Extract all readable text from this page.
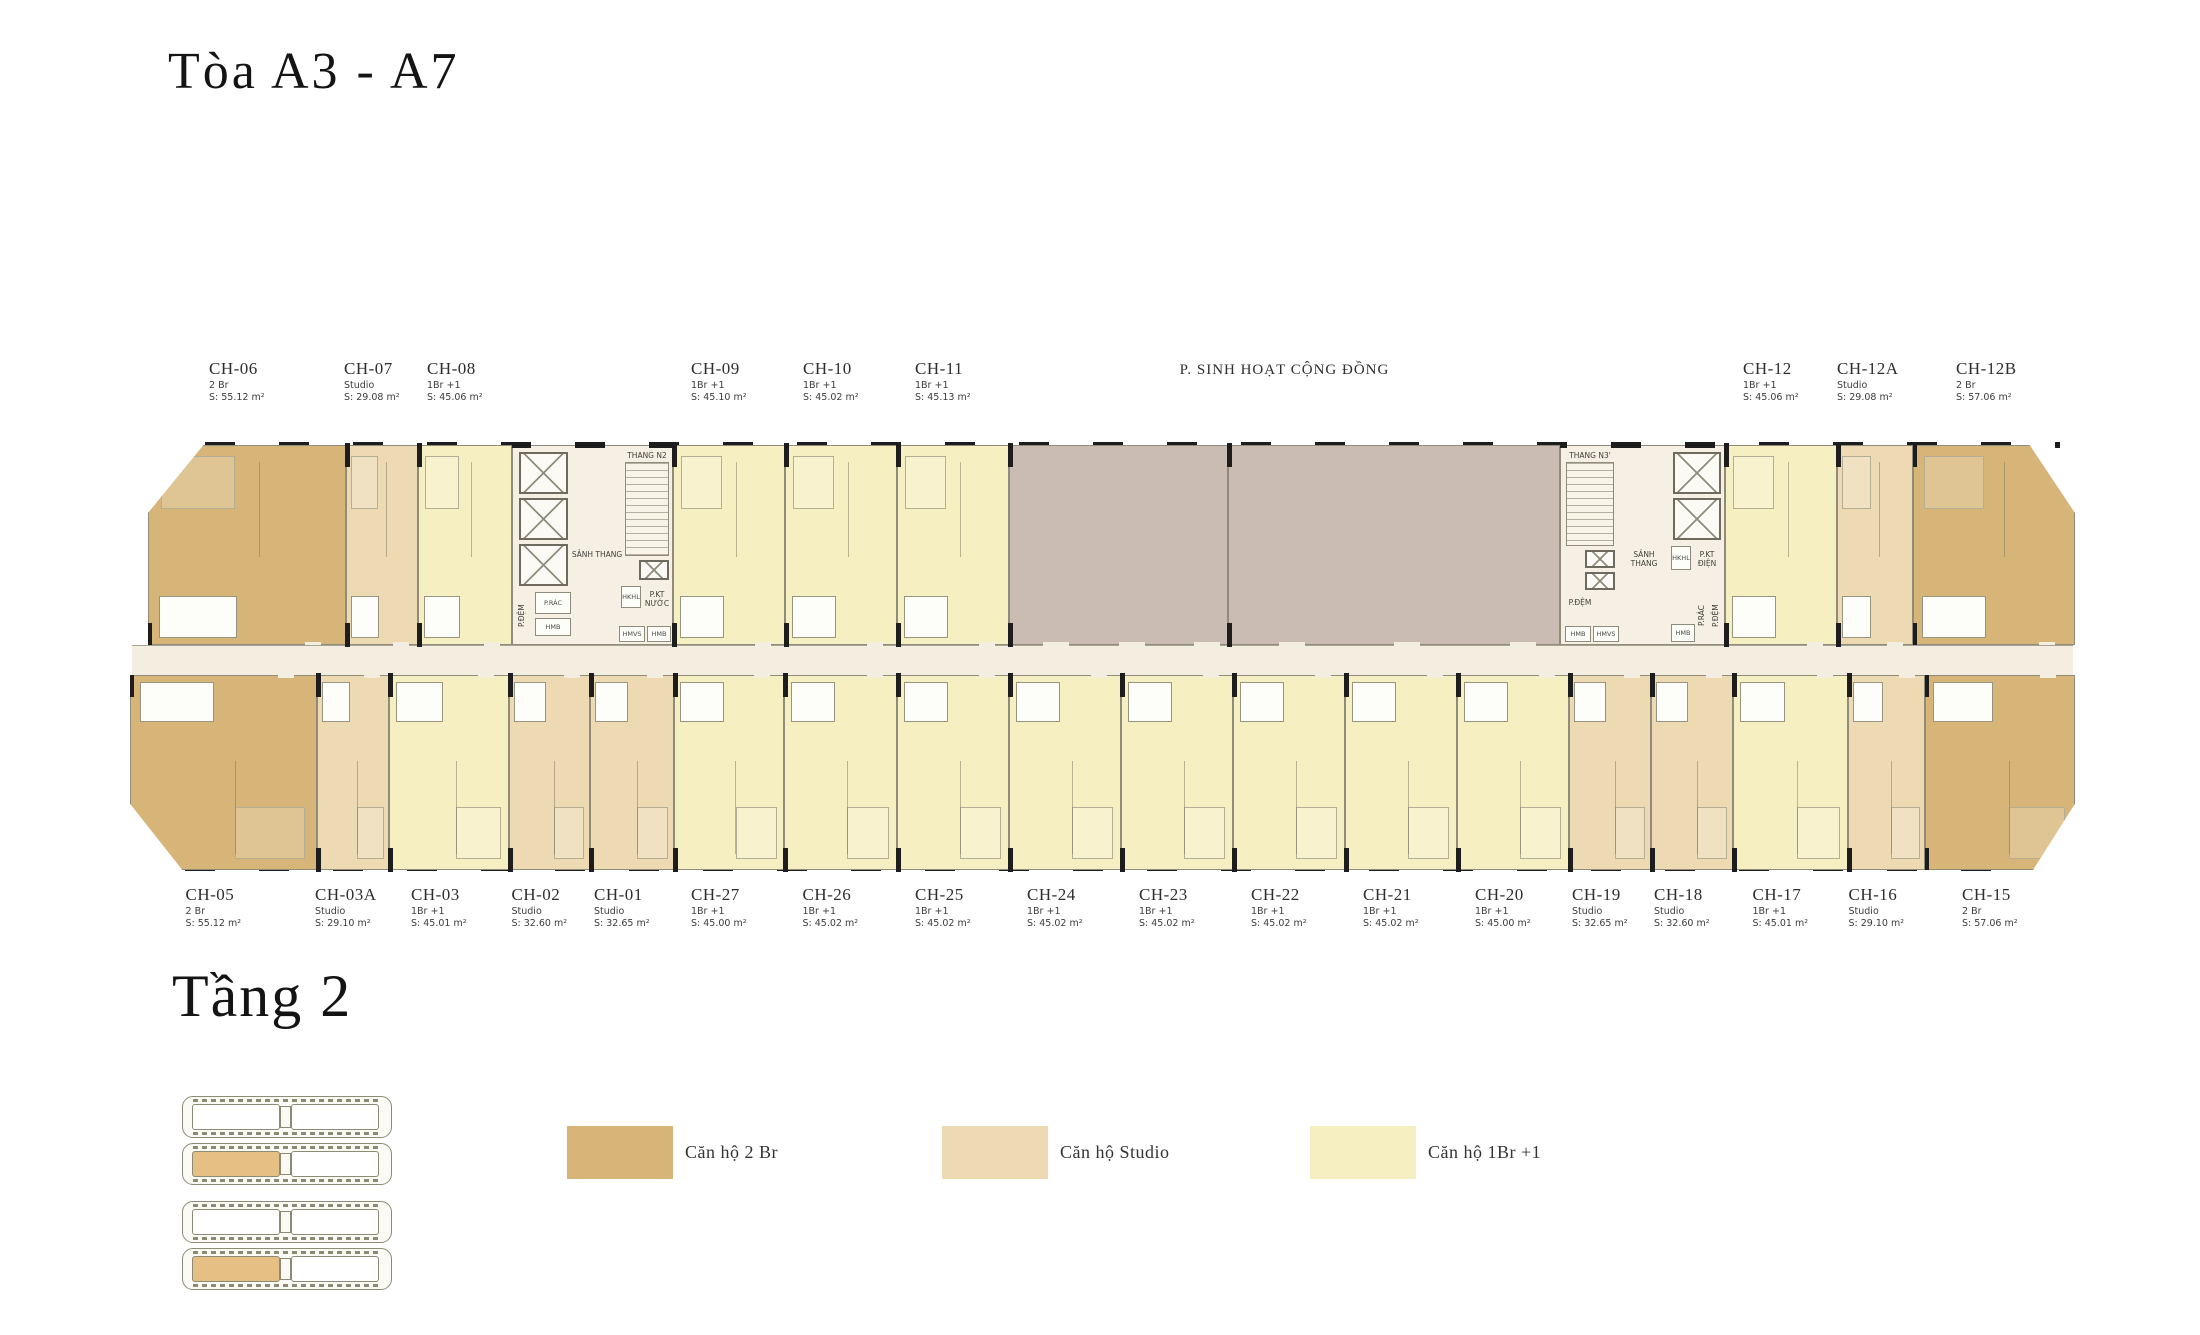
Tòa A3 - A7
CH-06
2 Br
S: 55.12 m²
CH-07
Studio
S: 29.08 m²
CH-08
1Br +1
S: 45.06 m²
CH-09
1Br +1
S: 45.10 m²
CH-10
1Br +1
S: 45.02 m²
CH-11
1Br +1
S: 45.13 m²
CH-12
1Br +1
S: 45.06 m²
CH-12A
Studio
S: 29.08 m²
CH-12B
2 Br
S: 57.06 m²
P. SINH HOẠT CỘNG ĐỒNG
P.ĐỆM
P.RÁC
HMB
SẢNH THANG
THANG N2
HKHL	P.KT
NƯỚC
HMVS	HMB
THANG N3'
P.ĐỆM
HMB	HMVS
SẢNH THANG
HKHL	P.KT
ĐIỆN
HMB
P.RÁC P.ĐỆM
CH-05
2 Br
S: 55.12 m²
CH-03A
Studio
S: 29.10 m²
CH-03
1Br +1
S: 45.01 m²
CH-02
Studio
S: 32.60 m²
CH-01
Studio
S: 32.65 m²
CH-27
1Br +1
S: 45.00 m²
CH-26
1Br +1
S: 45.02 m²
CH-25
1Br +1
S: 45.02 m²
CH-24
1Br +1
S: 45.02 m²
CH-23
1Br +1
S: 45.02 m²
CH-22
1Br +1
S: 45.02 m²
CH-21
1Br +1
S: 45.02 m²
CH-20
1Br +1
S: 45.00 m²
CH-19
Studio
S: 32.65 m²
CH-18
Studio
S: 32.60 m²
CH-17
1Br +1
S: 45.01 m²
CH-16
Studio
S: 29.10 m²
CH-15
2 Br
S: 57.06 m²
Tầng 2
Căn hộ 2 Br	Căn hộ Studio	Căn hộ 1Br +1
